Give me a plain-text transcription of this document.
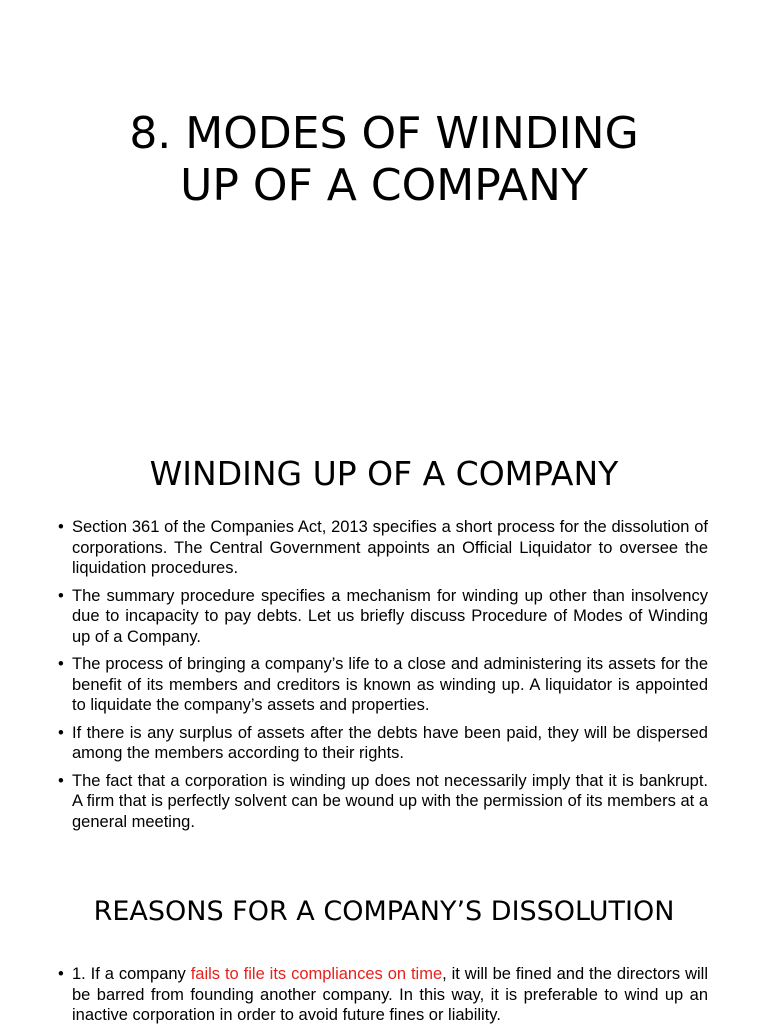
8. MODES OF WINDING
UP OF A COMPANY
WINDING UP OF A COMPANY
• Section 361 of the Companies Act, 2013 specifies a short process for the dissolution of corporations. The Central Government appoints an Official Liquidator to oversee the liquidation procedures.
• The summary procedure specifies a mechanism for winding up other than insolvency due to incapacity to pay debts. Let us briefly discuss Procedure of Modes of Winding up of a Company.
• The process of bringing a company’s life to a close and administering its assets for the benefit of its members and creditors is known as winding up. A liquidator is appointed to liquidate the company’s assets and properties.
• If there is any surplus of assets after the debts have been paid, they will be dispersed among the members according to their rights.
• The fact that a corporation is winding up does not necessarily imply that it is bankrupt. A firm that is perfectly solvent can be wound up with the permission of its members at a general meeting.
REASONS FOR A COMPANY’S DISSOLUTION
• 1. If a company fails to file its compliances on time, it will be fined and the directors will be barred from founding another company. In this way, it is preferable to wind up an inactive corporation in order to avoid future fines or liability.
